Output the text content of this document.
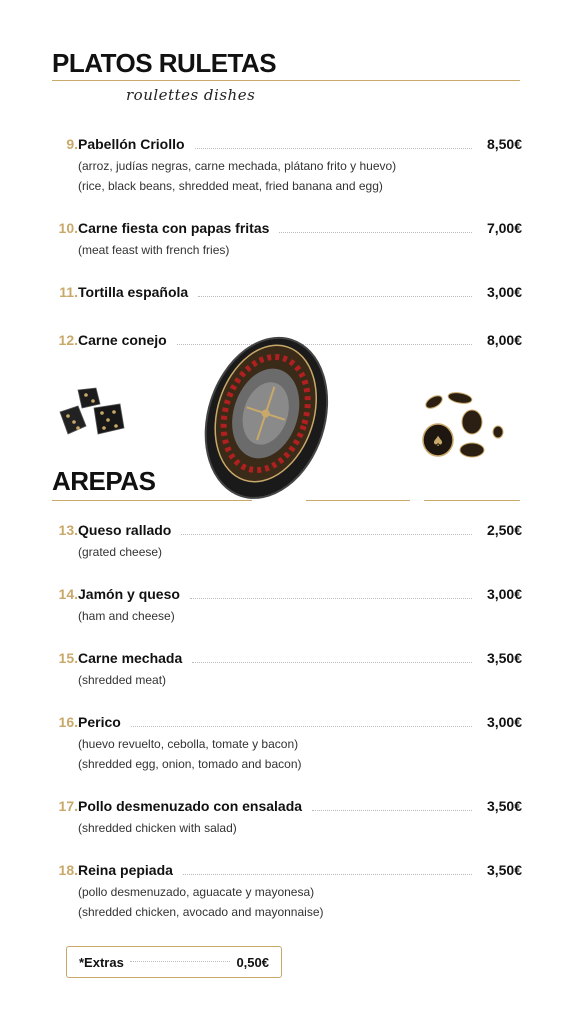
PLATOS RULETAS
roulettes dishes
9. Pabellón Criollo	8,50€
(arroz, judías negras, carne mechada, plátano frito y huevo)
(rice, black beans, shredded meat, fried banana and egg)
10. Carne fiesta con papas fritas	7,00€
(meat feast with french fries)
11. Tortilla española	3,00€
12. Carne conejo	8,00€
♠
AREPAS
13. Queso rallado	2,50€
(grated cheese)
14. Jamón y queso	3,00€
(ham and cheese)
15. Carne mechada	3,50€
(shredded meat)
16. Perico	3,00€
(huevo revuelto, cebolla, tomate y bacon)
(shredded egg, onion, tomado and bacon)
17. Pollo desmenuzado con ensalada	3,50€
(shredded chicken with salad)
18. Reina pepiada	3,50€
(pollo desmenuzado, aguacate y mayonesa)
(shredded chicken, avocado and mayonnaise)
*Extras	0,50€
